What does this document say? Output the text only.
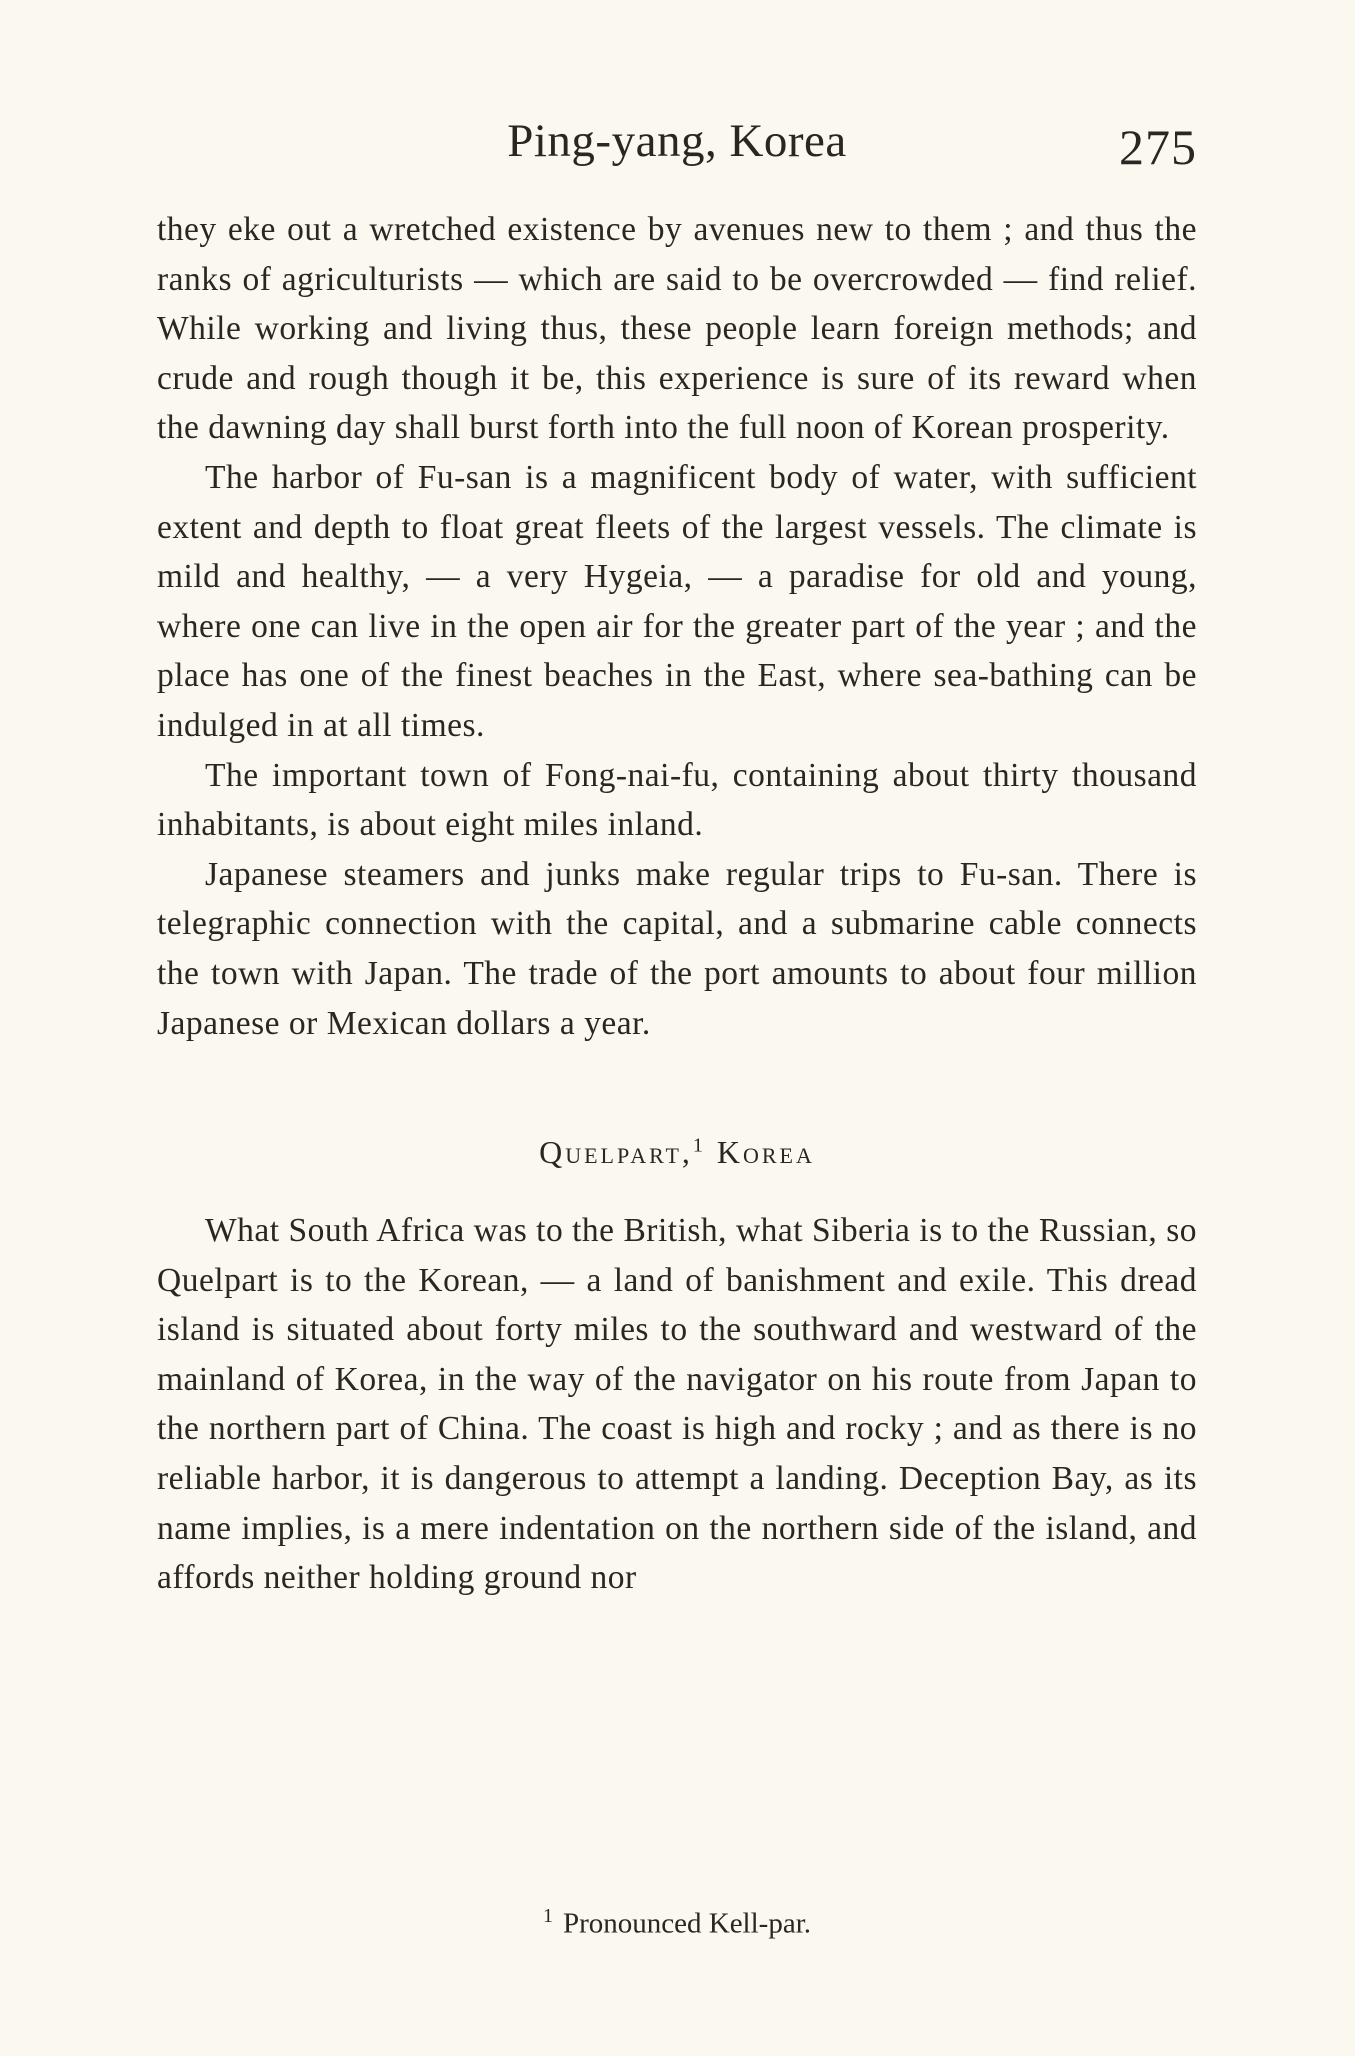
Ping-yang, Korea	275

they eke out a wretched existence by avenues new to them ; and thus the ranks of agriculturists — which are said to be overcrowded — find relief. While working and living thus, these people learn foreign methods; and crude and rough though it be, this experience is sure of its reward when the dawning day shall burst forth into the full noon of Korean prosperity.

The harbor of Fu-san is a magnificent body of water, with sufficient extent and depth to float great fleets of the largest vessels. The climate is mild and healthy, — a very Hygeia, — a paradise for old and young, where one can live in the open air for the greater part of the year ; and the place has one of the finest beaches in the East, where sea-bathing can be indulged in at all times.

The important town of Fong-nai-fu, containing about thirty thousand inhabitants, is about eight miles inland.

Japanese steamers and junks make regular trips to Fu-san. There is telegraphic connection with the capital, and a submarine cable connects the town with Japan. The trade of the port amounts to about four million Japanese or Mexican dollars a year.

Quelpart,$^1$ Korea

What South Africa was to the British, what Siberia is to the Russian, so Quelpart is to the Korean, — a land of banishment and exile. This dread island is situated about forty miles to the southward and westward of the mainland of Korea, in the way of the navigator on his route from Japan to the northern part of China. The coast is high and rocky ; and as there is no reliable harbor, it is dangerous to attempt a landing. Deception Bay, as its name implies, is a mere indentation on the northern side of the island, and affords neither holding ground nor

$^1$ Pronounced Kell-par.
